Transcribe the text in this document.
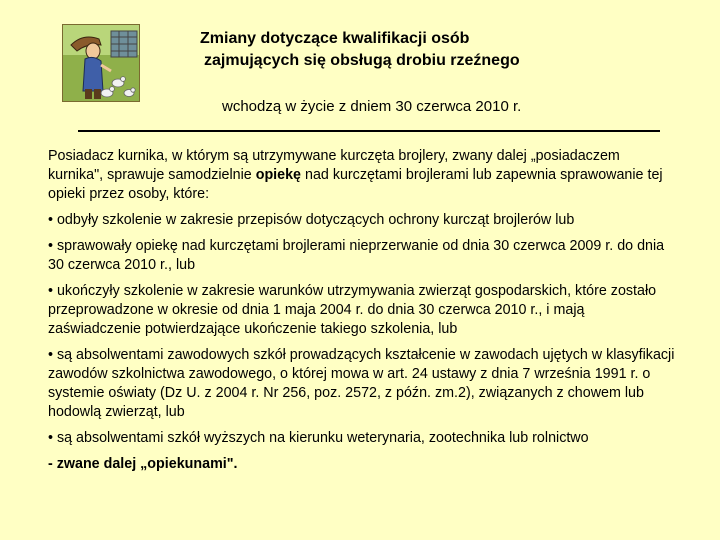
Zmiany dotyczące kwalifikacji osób
zajmujących się obsługą drobiu rzeźnego
wchodzą w życie z dniem 30 czerwca 2010 r.

Posiadacz kurnika, w którym są utrzymywane kurczęta brojlery, zwany dalej „posiadaczem kurnika", sprawuje samodzielnie opiekę nad kurczętami brojlerami lub zapewnia sprawowanie tej opieki przez osoby, które:

• odbyły szkolenie w zakresie przepisów dotyczących ochrony kurcząt brojlerów lub

• sprawowały opiekę nad kurczętami brojlerami nieprzerwanie od dnia 30 czerwca 2009 r. do dnia 30 czerwca 2010 r., lub

• ukończyły szkolenie w zakresie warunków utrzymywania zwierząt gospodarskich, które zostało przeprowadzone w okresie od dnia 1 maja 2004 r. do dnia 30 czerwca 2010 r., i mają zaświadczenie potwierdzające ukończenie takiego szkolenia, lub

• są absolwentami zawodowych szkół prowadzących kształcenie w zawodach ujętych w klasyfikacji zawodów szkolnictwa zawodowego, o której mowa w art. 24 ustawy z dnia 7 września 1991 r. o systemie oświaty (Dz U. z 2004 r. Nr 256, poz. 2572, z późn. zm.2), związanych z chowem lub hodowlą zwierząt, lub

• są absolwentami szkół wyższych na kierunku weterynaria, zootechnika lub rolnictwo

- zwane dalej „opiekunami".
